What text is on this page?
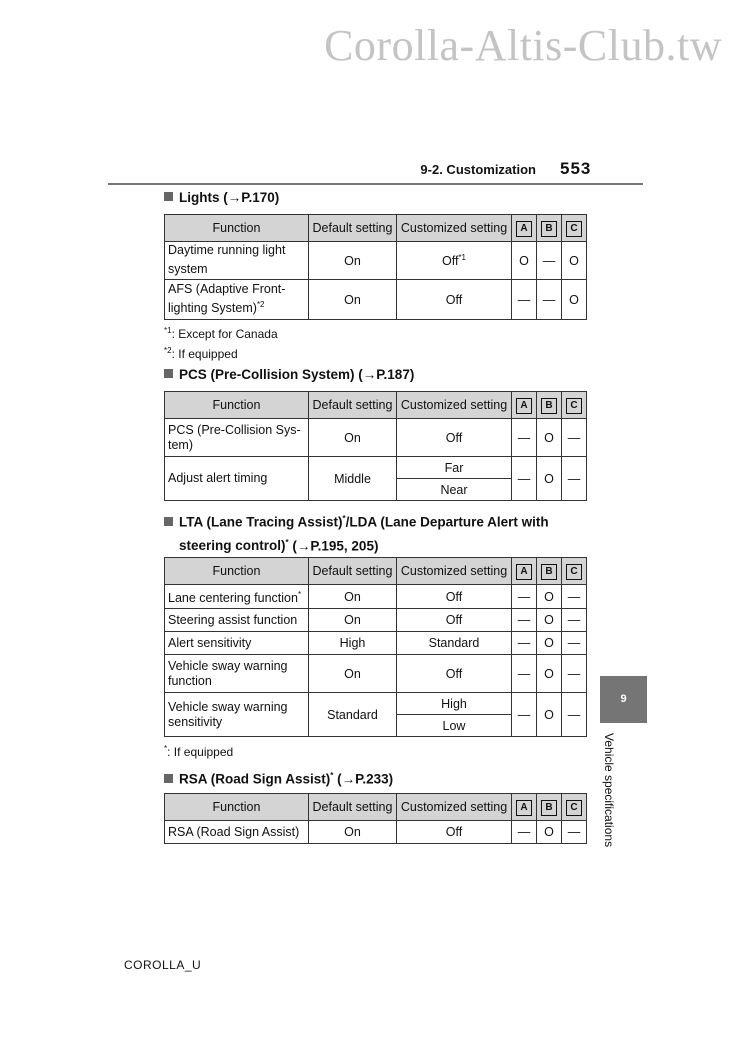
Corolla-Altis-Club.tw
9-2. Customization 553
Lights (→P.170)
Function	Default setting	Customized setting	A	B	C
Daytime running light system	On	Off$^{*1}$	O	—	O
AFS (Adaptive Front-lighting System)$^{*2}$	On	Off	—	—	O
$^{*1}$: Except for Canada
$^{*2}$: If equipped
PCS (Pre-Collision System) (→P.187)
Function	Default setting	Customized setting	A	B	C
PCS (Pre-Collision Sys-tem)	On	Off	—	O	—
Adjust alert timing	Middle	Far	—	O	—
		Near			
LTA (Lane Tracing Assist)*/LDA (Lane Departure Alert with
steering control)* (→P.195, 205)
Function	Default setting	Customized setting	A	B	C
Lane centering function*	On	Off	—	O	—
Steering assist function	On	Off	—	O	—
Alert sensitivity	High	Standard	—	O	—
Vehicle sway warning function	On	Off	—	O	—
Vehicle sway warning sensitivity	Standard	High	—	O	—
		Low			
*: If equipped
RSA (Road Sign Assist)* (→P.233)
Function	Default setting	Customized setting	A	B	C
RSA (Road Sign Assist)	On	Off	—	O	—
9
Vehicle specifications
COROLLA_U
